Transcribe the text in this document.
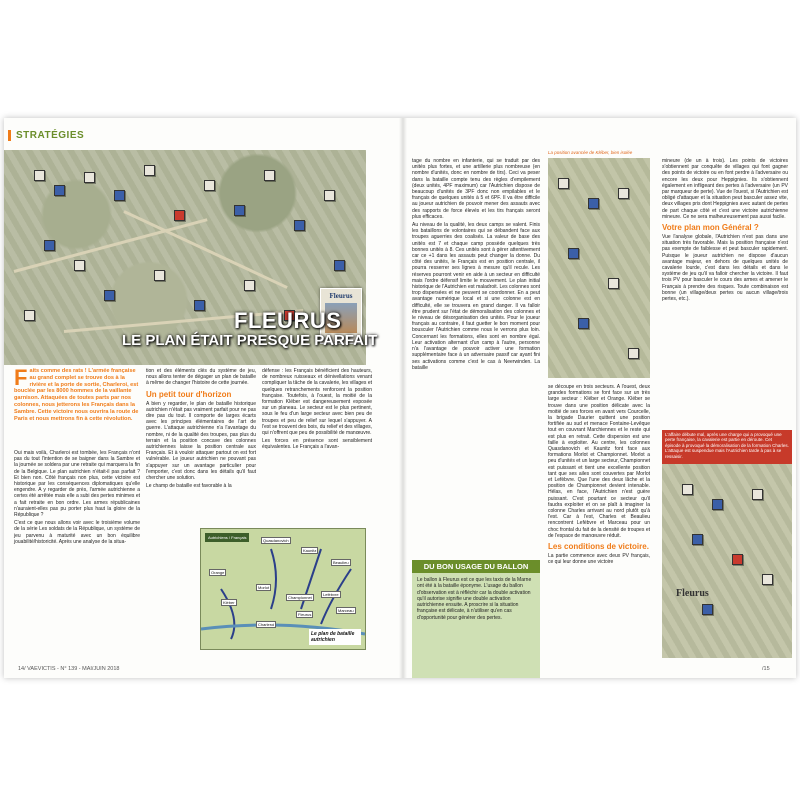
STRATÉGIES
Fleurus
FLEURUS
LE PLAN ÉTAIT PRESQUE PARFAIT
F aits comme des rats ! L'armée française au grand complet se trouve dos à la rivière et la porte de sortie, Charleroi, est bouclée par les 8000 hommes de la vaillante garnison. Attaquées de toutes parts par nos colonnes, nous jetterons les Français dans la Sambre. Cette victoire nous ouvrira la route de Paris et nous mettrons fin à cette révolution.

Oui mais voilà, Charleroi est tombée, les Français n'ont pas du tout l'intention de se baigner dans la Sambre et la journée se soldera par une retraite qui marquera la fin de la Belgique. Le plan autrichien n'était-il pas parfait ? Et bien non. Côté français non plus, cette victoire est historique par les conséquences diplomatiques qu'elle engendre. A y regarder de près, l'armée autrichienne a certes été arrêtée mais elle a subi des pertes minimes et a fait retraite en bon ordre. Les armes républicaines n'auraient-elles pas pu porter plus haut la gloire de la République ?

C'est ce que nous allons voir avec le troisième volume de la série Les soldats de la République, un système de jeu parvenu à maturité avec un bon équilibre jouabilité/historicité. Après une analyse de la situa-

tion et des éléments clés du système de jeu, nous allons tenter de dégager un plan de bataille à même de changer l'histoire de cette journée.

Un petit tour d'horizon

A bien y regarder, le plan de bataille historique autrichien n'était pas vraiment parfait pour ne pas dire pas du tout. Il comporte de larges écarts avec les principes élémentaires de l'art de guerre. L'attaque autrichienne n'a l'avantage du nombre, ni de la qualité des troupes, pas plus du terrain et la position concave des colonnes autrichiennes laisse la position centrale aux Français. Et à vouloir attaquer partout on est fort vulnérable. Le joueur autrichien ne pouvant pas s'appuyer sur un avantage particulier pour l'emporter, c'est donc dans les détails qu'il faut chercher une solution.

Le champ de bataille est favorable à la

défense : les Français bénéficient des hauteurs, de nombreux ruisseaux et dénivellations venant compliquer la tâche de la cavalerie, les villages et quelques retranchements renforcent la position française. Toutefois, à l'ouest, la moitié de la formation Kléber est dangereusement exposée sur un planeau. Le secteur est le plus pertinent, sous le feu d'un large secteur avec bien peu de troupes et peu de relief sur lequel s'appuyer. A l'est se trouvent des bois, du relief et des villages, qui n'offrent que peu de possibilité de manœuvre.

Les forces en présence sont sensiblement équivalentes. Le Français a l'avan-

Autrichiens / Français
Quasdanovich
Kaunitz
Beaulieu
Orange
Kléber
Morlot
Championnet
Lefèbvre
Marceau
Charleroi
Fleurus
Le plan de bataille autrichien
14/ VAEVICTIS - N° 139 - MAI/JUIN 2018

tage du nombre en infanterie, qui se traduit par des unités plus fortes, et une artillerie plus nombreuse (en nombre d'unités, donc en nombre de tirs). Ceci va peser dans la bataille compte tenu des règles d'empilement (deux unités, 4PF maximum) car l'Autrichien dispose de beaucoup d'unités de 3PF donc non empilables et le français de quelques unités à 5 et 6PF. Il va être difficile au joueur autrichien de pouvoir mener des assauts avec des rapports de force élevés et les tirs français seront plus efficaces.

Au niveau de la qualité, les deux camps se valent. Finis les bataillons de volontaires qui se débandent face aux troupes aguerries des coalisés. La valeur de base des unités est 7 et chaque camp possède quelques très bonnes unités à 8. Ces unités sont à gérer attentivement car ce +1 dans les assauts peut changer la donne. Du côté des unités, le Français est en position centrale, il pourra resserrer ses lignes à mesure qu'il recule. Les réserves pourront venir en aide à un secteur en difficulté mais l'ordre défensif limite le mouvement. Le plan initial historique de l'Autrichien est maladroit. Les colonnes sont trop dispersées et ne peuvent se coordonner. En a peut avantage numérique local et si une colonne est en difficulté, elle se trouvera en grand danger. Il va falloir être prudent sur l'état de démoralisation des colonnes et le niveau de désorganisation des unités. Pour le joueur français au contraire, il faut guetter le bon moment pour bousculer l'Autrichien comme nous le verrons plus loin. Concernant les formations, elles sont en nombre égal. Leur activation alternant d'un camp à l'autre, personne n'a l'avantage de pouvoir activer une formation supplémentaire face à un adversaire passif car ayant fini ses activations comme c'est le cas à Neerwinden. La bataille

DU BON USAGE DU BALLON
Le ballon à Fleurus est ce que les taxis de la Marne ont été à la bataille éponyme. L'usage du ballon d'observation est à réfléchir car la double activation qu'il autorise signifie une double activation autrichienne ensuite. A proscrire si la situation française est délicate, à n'utiliser qu'en cas d'opportunité pour générer des pertes.
La position avancée de Kléber, bien isolée

se découpe en trois secteurs. A l'ouest, deux grandes formations se font face sur un très large secteur : Kléber et Orange. Kléber se trouve dans une position délicate avec la moitié de ses forces en avant vers Courcelle, la brigade Daurier quittent une position fortifiée au sud et menace Fontaine-Levêque tout en couvrant Marchiennes et le reste qui est plus en retrait. Cette dispersion est une faille à exploiter. Au centre, les colonnes Quasdanovich et Kaunitz font face aux formations Morlot et Championnet. Morlot a peu d'unités et un large secteur, Championnet est puissant et tient une excellente position tant que ses ailes sont couvertes par Morlot et Lefèbvre. Que l'une des deux lâche et la position de Championnet devient intenable. Hélas, en face, l'Autrichien n'est guère puissant. C'est pourtant ce secteur qu'il faudra exploiter et on se plaît à imaginer la colonne Charles arrivant au nord plutôt qu'à l'est. Car à l'est, Charles et Beaulieu rencontrent Lefèbvre et Marceau pour un choc frontal du fait de la densité de troupes et de l'espace de manœuvre réduit.

Les conditions de victoire.

La partie commence avec deux PV français, ce qui leur donne une victoire

mineure (de un à trois). Les points de victoires s'obtiennent par conquête de villages qui font gagner des points de victoire ou en font perdre à l'adversaire ou encore les deux pour Heppignies. Ils s'obtiennent également en infligeant des pertes à l'adversaire (un PV par marqueur de perte). Vue de l'ouest, si l'Autrichien est obligé d'attaquer et la situation peut basculer assez vite, deux villages pris dont Heppignies avec autant de pertes de part chaque côté et c'est une victoire autrichienne mineure. Ce ne sera malheureusement pas aussi facile.

Votre plan mon Général ?

Vue l'analyse globale, l'Autrichien n'est pas dans une situation très favorable. Mais la position française n'est pas exempte de faiblesse et peut basculer rapidement. Puisque le joueur autrichien ne dispose d'aucun avantage majeur, en dehors de quelques unités de cavalerie lourde, c'est dans les détails et dans le système de jeu qu'il va falloir chercher la victoire. Il faut trois PV pour basculer le cours des armes et amener le Français à prendre des risques. Toute combinaison est bonne (un village/deux pertes ou aucun village/trois pertes, etc.).

L'affaire débute mal, après une charge qui a provoqué une perte française, la cavalerie est partie en déroute. Cet épisode à provoqué la démoralisation de la formation Charles. L'attaque est suspendue mais l'Autrichien tarde à pas à se ressaisir.
Fleurus
/15
